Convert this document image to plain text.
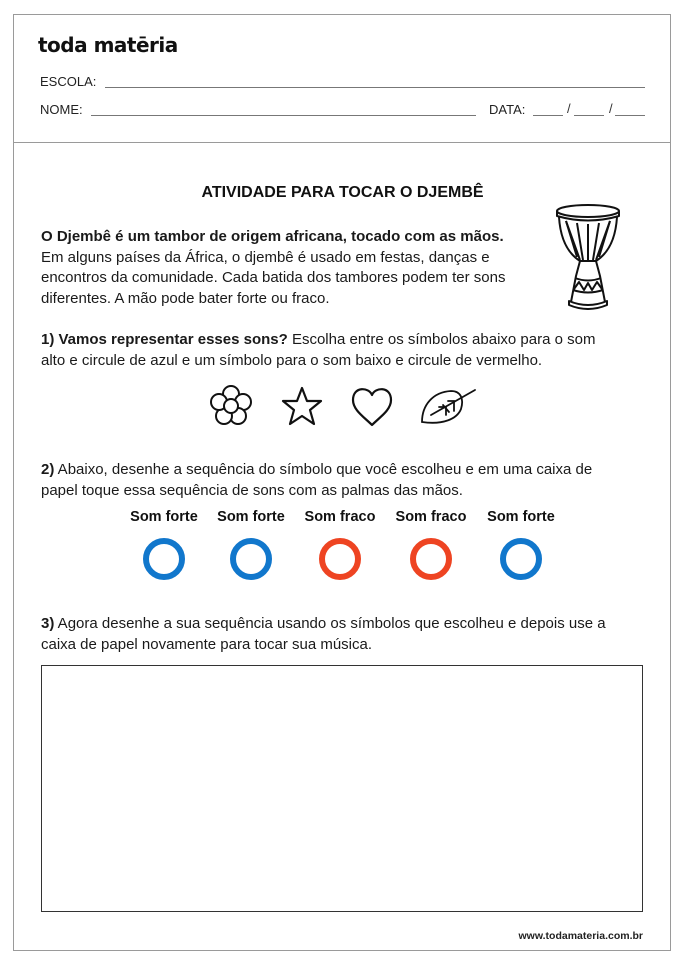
toda matēria
ESCOLA:
NOME:	DATA:	/	/
ATIVIDADE PARA TOCAR O DJEMBÊ
O Djembê é um tambor de origem africana, tocado com as mãos.
Em alguns países da África, o djembê é usado em festas, danças e
encontros da comunidade. Cada batida dos tambores podem ter sons
diferentes. A mão pode bater forte ou fraco.
1) Vamos representar esses sons? Escolha entre os símbolos abaixo para o som
alto e circule de azul e um símbolo para o som baixo e circule de vermelho.
2) Abaixo, desenhe a sequência do símbolo que você escolheu e em uma caixa de
papel toque essa sequência de sons com as palmas das mãos.
Som forte	Som forte	Som fraco	Som fraco	Som forte
3) Agora desenhe a sua sequência usando os símbolos que escolheu e depois use a
caixa de papel novamente para tocar sua música.
www.todamateria.com.br
